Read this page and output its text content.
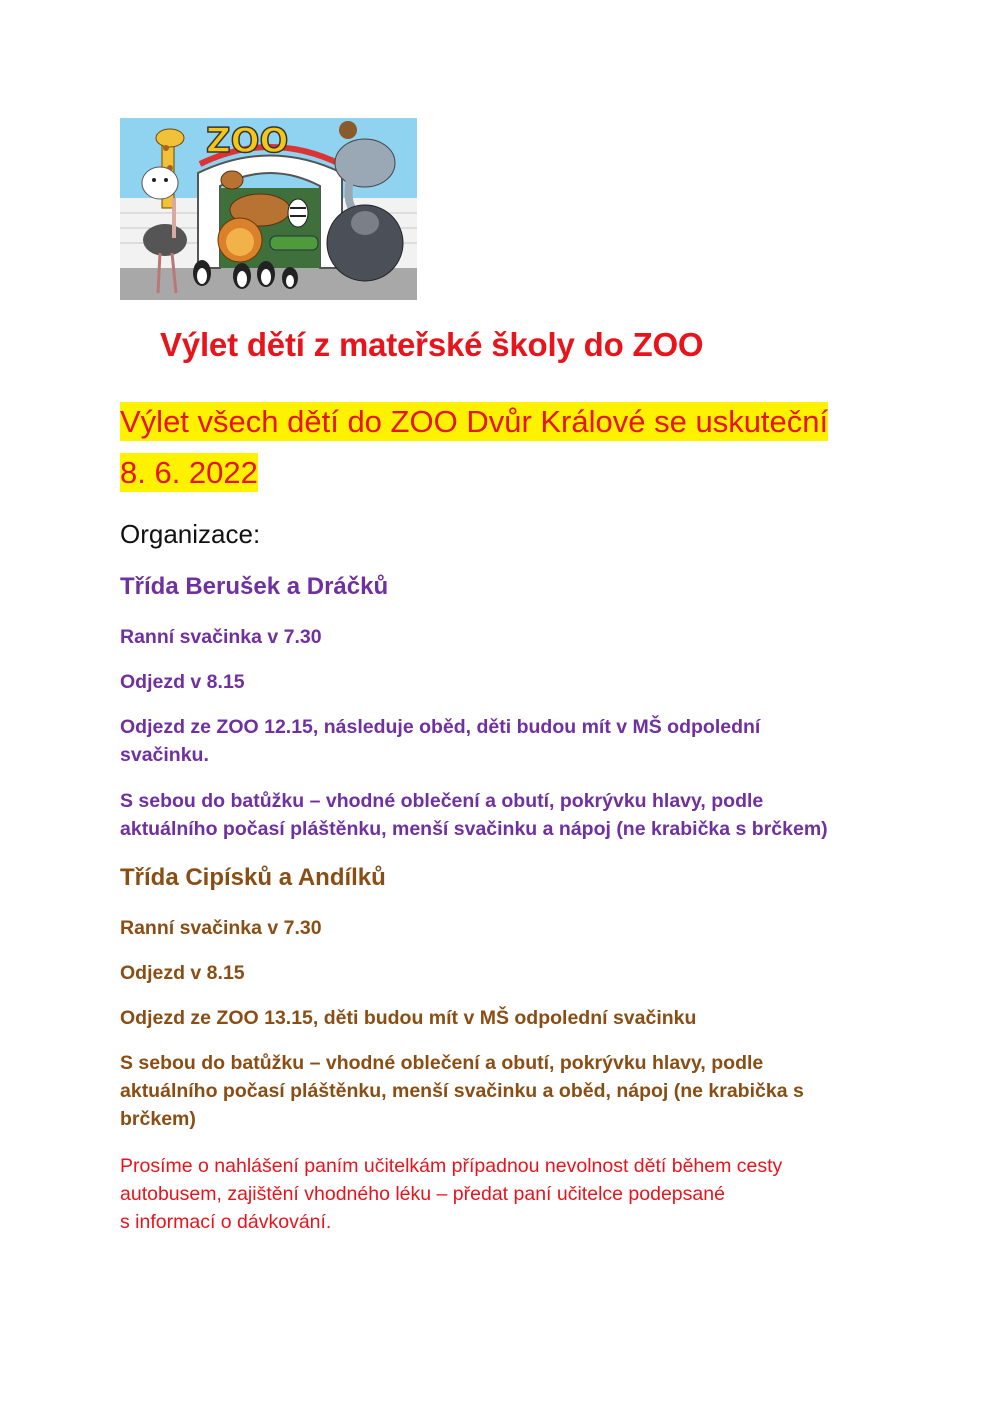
ZOO
Výlet dětí z mateřské školy do ZOO
Výlet všech dětí do ZOO Dvůr Králové se uskuteční
8. 6. 2022

Organizace:

Třída Berušek a Dráčků

Ranní svačinka v 7.30

Odjezd v 8.15

Odjezd ze ZOO 12.15, následuje oběd, děti budou mít v MŠ odpolední svačinku.

S sebou do batůžku – vhodné oblečení a obutí, pokrývku hlavy, podle
aktuálního počasí pláštěnku, menší svačinku a nápoj (ne krabička s brčkem)

Třída Cipísků a Andílků

Ranní svačinka v 7.30

Odjezd v 8.15

Odjezd ze ZOO 13.15, děti budou mít v MŠ odpolední svačinku

S sebou do batůžku – vhodné oblečení a obutí, pokrývku hlavy, podle
aktuálního počasí pláštěnku, menší svačinku a oběd, nápoj (ne krabička s
brčkem)

Prosíme o nahlášení paním učitelkám případnou nevolnost dětí během cesty
autobusem, zajištění vhodného léku – předat paní učitelce podepsané
s informací o dávkování.
